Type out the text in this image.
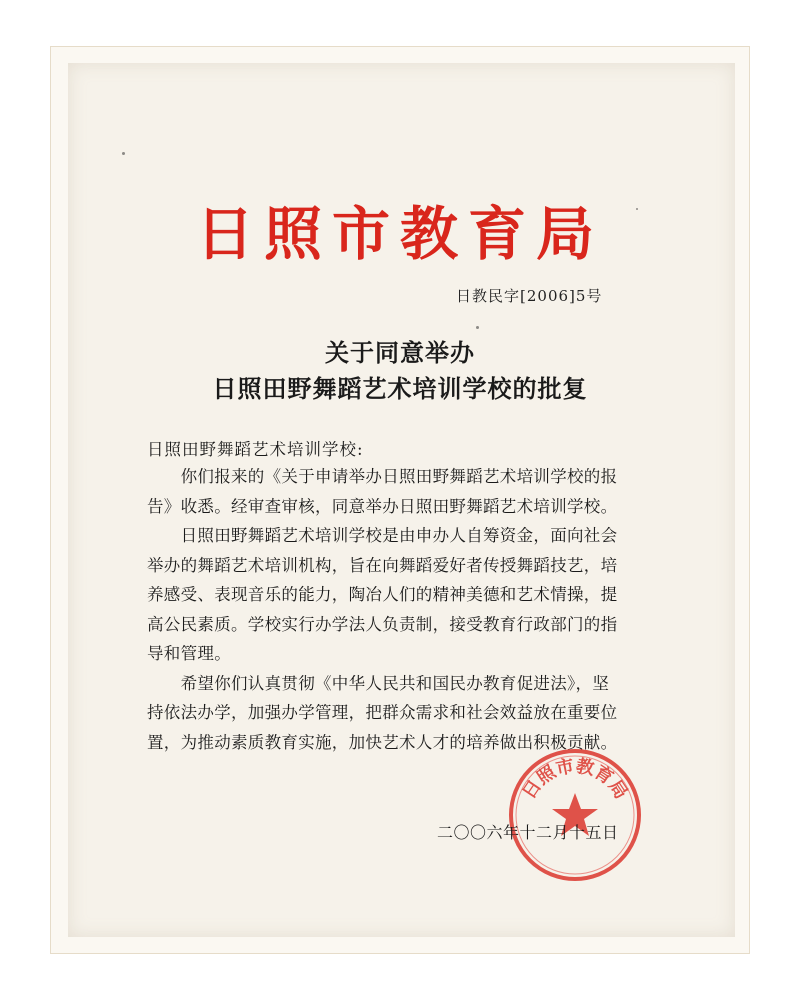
日照市教育局
日教民字[2006]5号
关于同意举办
日照田野舞蹈艺术培训学校的批复
日照田野舞蹈艺术培训学校:
　　你们报来的《关于申请举办日照田野舞蹈艺术培训学校的报
告》收悉。经审查审核，同意举办日照田野舞蹈艺术培训学校。
　　日照田野舞蹈艺术培训学校是由申办人自筹资金，面向社会
举办的舞蹈艺术培训机构，旨在向舞蹈爱好者传授舞蹈技艺，培
养感受、表现音乐的能力，陶冶人们的精神美德和艺术情操，提
高公民素质。学校实行办学法人负责制，接受教育行政部门的指
导和管理。
　　希望你们认真贯彻《中华人民共和国民办教育促进法》，坚
持依法办学，加强办学管理，把群众需求和社会效益放在重要位
置，为推动素质教育实施，加快艺术人才的培养做出积极贡献。
日照市教育局
二〇〇六年十二月十五日
